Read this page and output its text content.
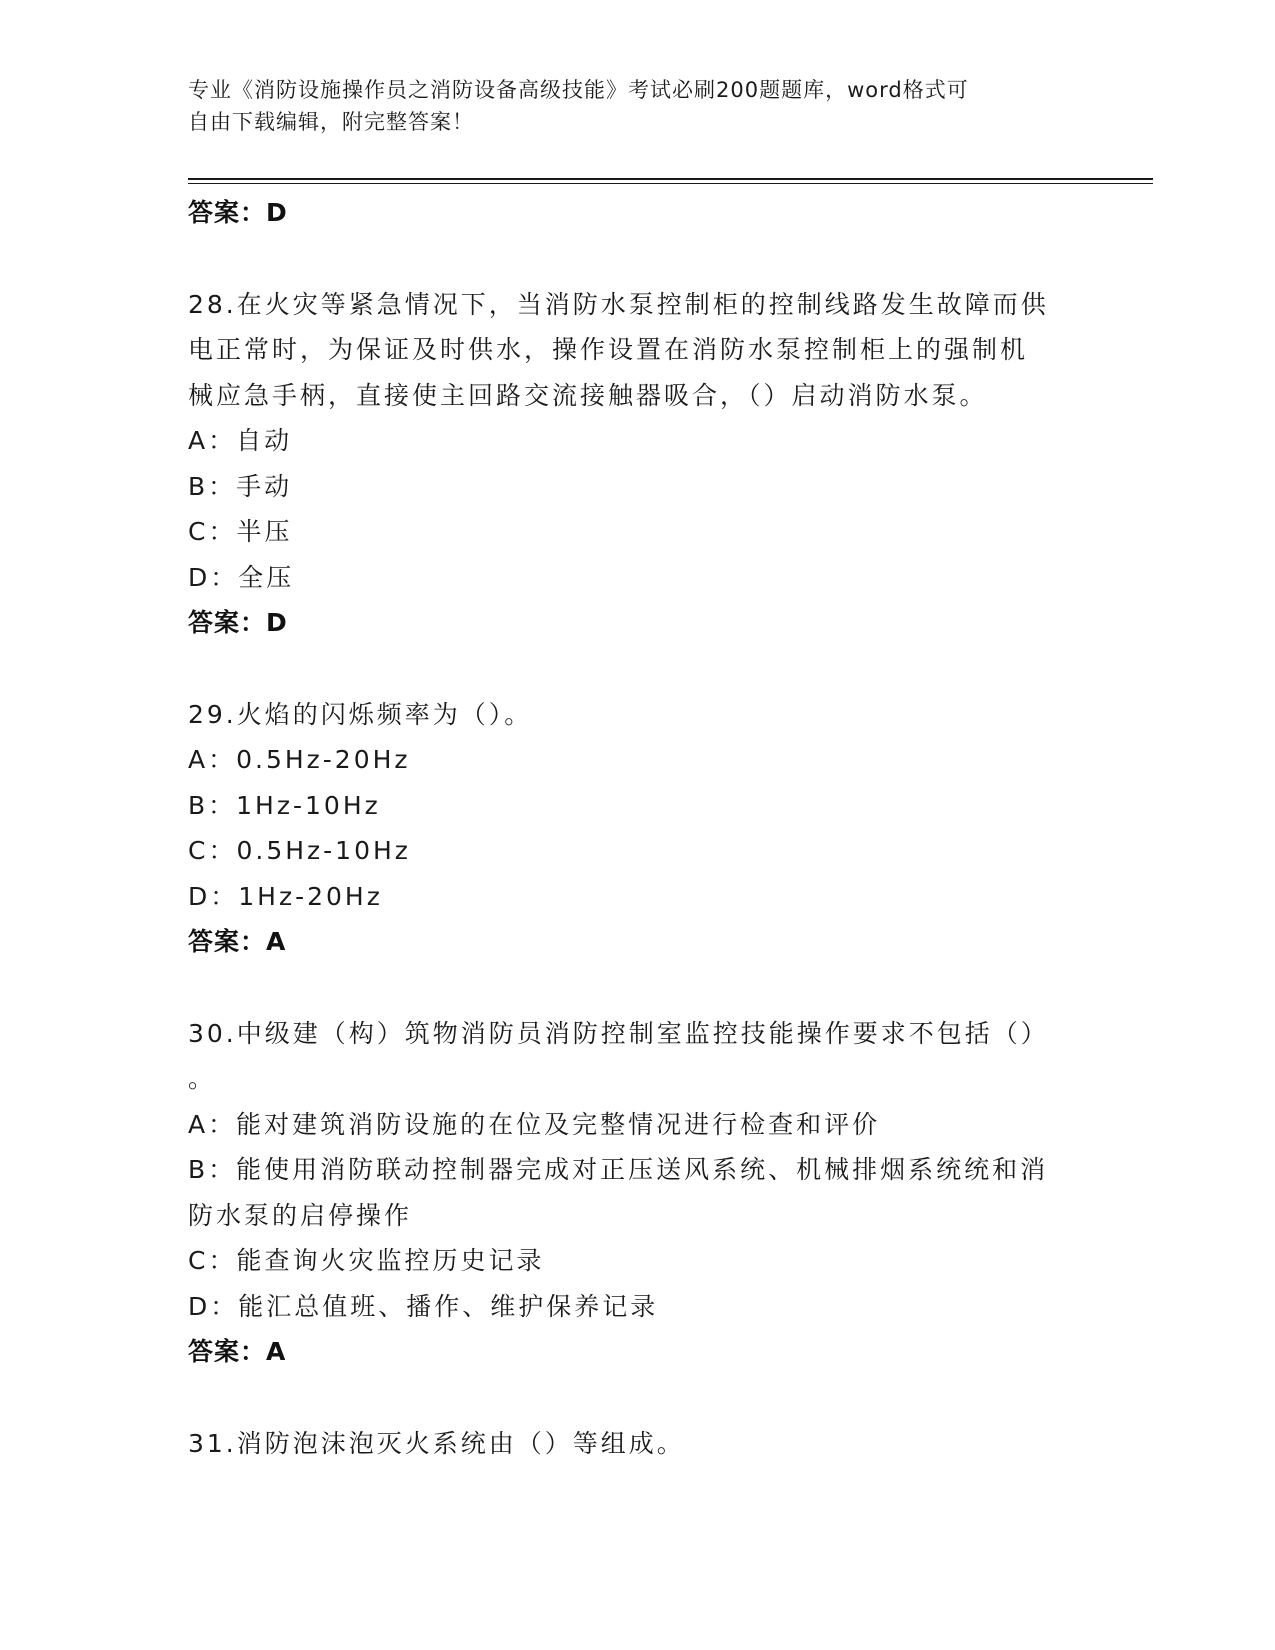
专业《消防设施操作员之消防设备高级技能》考试必刷200题题库，word格式可
自由下载编辑，附完整答案！
答案：D
28.在火灾等紧急情况下，当消防水泵控制柜的控制线路发生故障而供
电正常时，为保证及时供水，操作设置在消防水泵控制柜上的强制机
械应急手柄，直接使主回路交流接触器吸合，（）启动消防水泵。
A：自动
B：手动
C：半压
D：全压
答案：D
29.火焰的闪烁频率为（）。
A：0.5Hz-20Hz
B：1Hz-10Hz
C：0.5Hz-10Hz
D：1Hz-20Hz
答案：A
30.中级建（构）筑物消防员消防控制室监控技能操作要求不包括（）
。
A：能对建筑消防设施的在位及完整情况进行检查和评价
B：能使用消防联动控制器完成对正压送风系统、机械排烟系统统和消
防水泵的启停操作
C：能查询火灾监控历史记录
D：能汇总值班、播作、维护保养记录
答案：A
31.消防泡沫泡灭火系统由（）等组成。
